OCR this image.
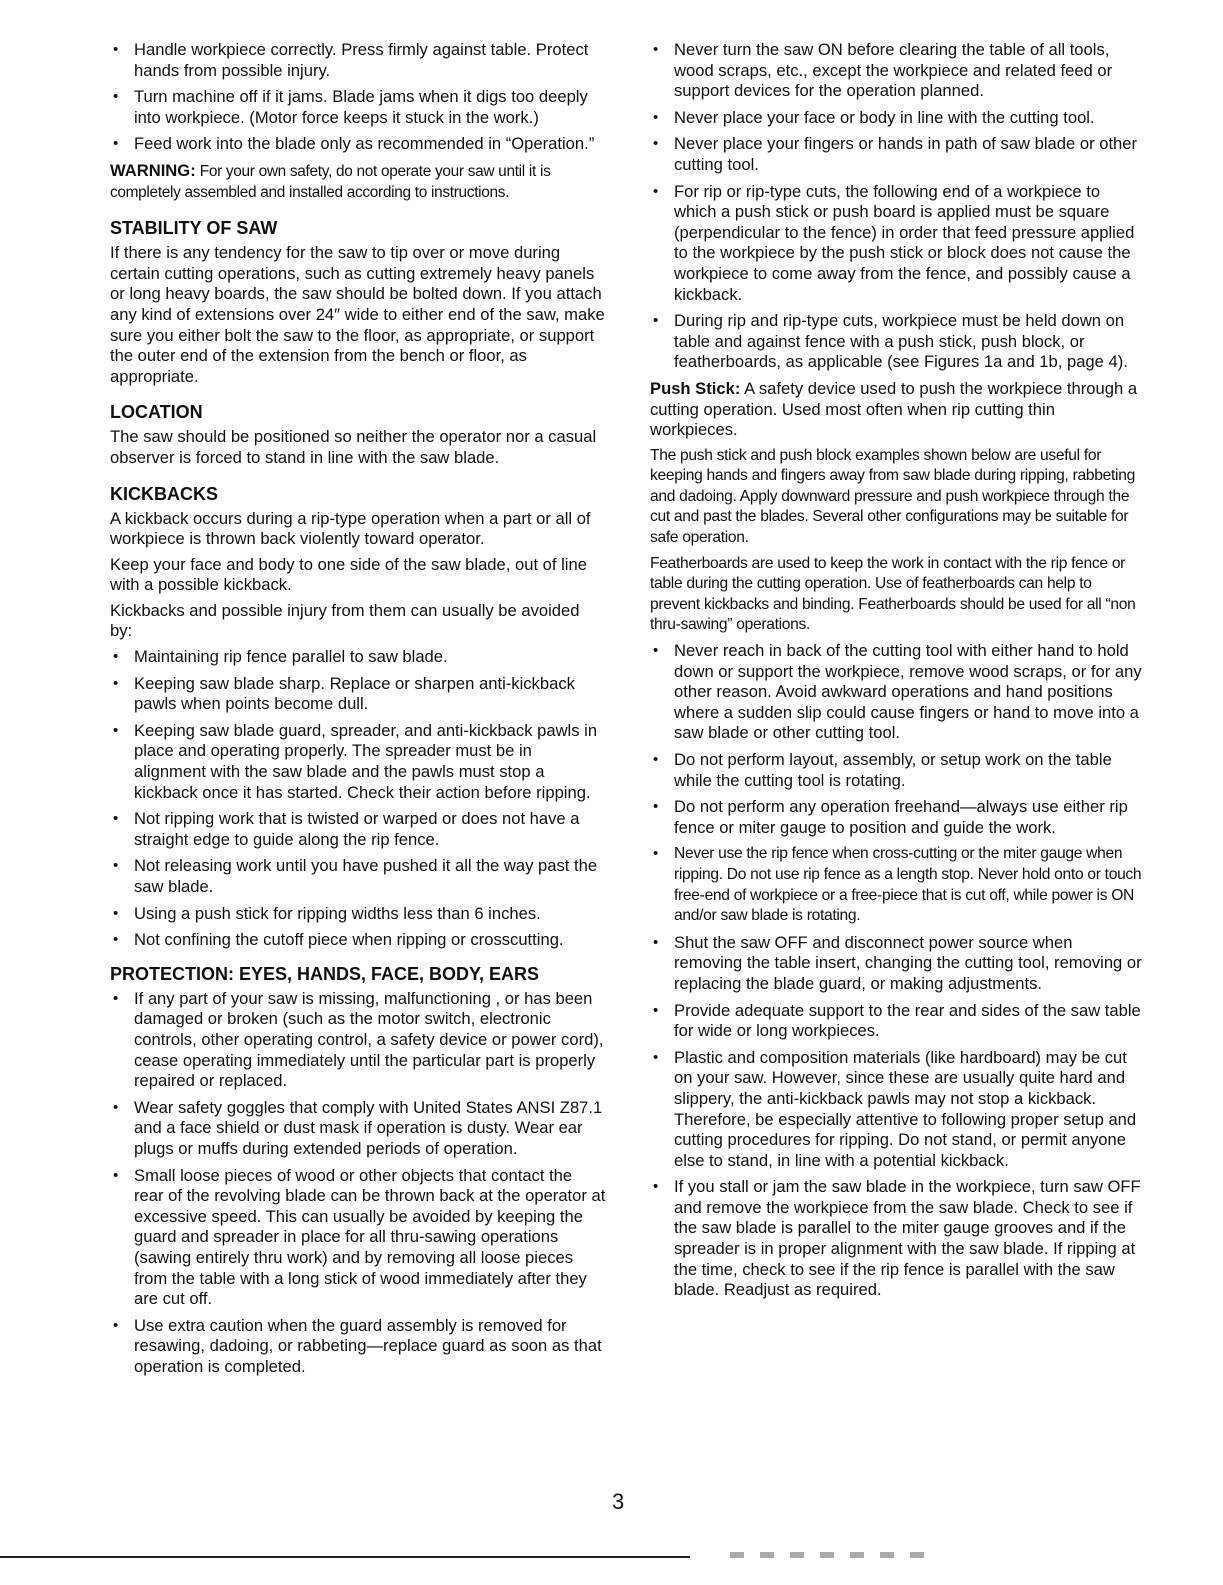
• Handle workpiece correctly. Press firmly against table. Protect hands from possible injury.
• Turn machine off if it jams. Blade jams when it digs too deeply into workpiece. (Motor force keeps it stuck in the work.)
• Feed work into the blade only as recommended in “Operation.”
WARNING: For your own safety, do not operate your saw until it is completely assembled and installed according to instructions.
STABILITY OF SAW
If there is any tendency for the saw to tip over or move during certain cutting operations, such as cutting extremely heavy panels or long heavy boards, the saw should be bolted down. If you attach any kind of extensions over 24″ wide to either end of the saw, make sure you either bolt the saw to the floor, as appropriate, or support the outer end of the extension from the bench or floor, as appropriate.
LOCATION
The saw should be positioned so neither the operator nor a casual observer is forced to stand in line with the saw blade.
KICKBACKS
A kickback occurs during a rip-type operation when a part or all of workpiece is thrown back violently toward operator.
Keep your face and body to one side of the saw blade, out of line with a possible kickback.
Kickbacks and possible injury from them can usually be avoided by:
• Maintaining rip fence parallel to saw blade.
• Keeping saw blade sharp. Replace or sharpen anti-kickback pawls when points become dull.
• Keeping saw blade guard, spreader, and anti-kickback pawls in place and operating properly. The spreader must be in alignment with the saw blade and the pawls must stop a kickback once it has started. Check their action before ripping.
• Not ripping work that is twisted or warped or does not have a straight edge to guide along the rip fence.
• Not releasing work until you have pushed it all the way past the saw blade.
• Using a push stick for ripping widths less than 6 inches.
• Not confining the cutoff piece when ripping or crosscutting.
PROTECTION: EYES, HANDS, FACE, BODY, EARS
• If any part of your saw is missing, malfunctioning , or has been damaged or broken (such as the motor switch, electronic controls, other operating control, a safety device or power cord), cease operating immediately until the particular part is properly repaired or replaced.
• Wear safety goggles that comply with United States ANSI Z87.1 and a face shield or dust mask if operation is dusty. Wear ear plugs or muffs during extended periods of operation.
• Small loose pieces of wood or other objects that contact the rear of the revolving blade can be thrown back at the operator at excessive speed. This can usually be avoided by keeping the guard and spreader in place for all thru-sawing operations (sawing entirely thru work) and by removing all loose pieces from the table with a long stick of wood immediately after they are cut off.
• Use extra caution when the guard assembly is removed for resawing, dadoing, or rabbeting—replace guard as soon as that operation is completed.
• Never turn the saw ON before clearing the table of all tools, wood scraps, etc., except the workpiece and related feed or support devices for the operation planned.
• Never place your face or body in line with the cutting tool.
• Never place your fingers or hands in path of saw blade or other cutting tool.
• For rip or rip-type cuts, the following end of a workpiece to which a push stick or push board is applied must be square (perpendicular to the fence) in order that feed pressure applied to the workpiece by the push stick or block does not cause the workpiece to come away from the fence, and possibly cause a kickback.
• During rip and rip-type cuts, workpiece must be held down on table and against fence with a push stick, push block, or featherboards, as applicable (see Figures 1a and 1b, page 4).
Push Stick: A safety device used to push the workpiece through a cutting operation. Used most often when rip cutting thin workpieces.
The push stick and push block examples shown below are useful for keeping hands and fingers away from saw blade during ripping, rabbeting and dadoing. Apply downward pressure and push workpiece through the cut and past the blades. Several other configurations may be suitable for safe operation.
Featherboards are used to keep the work in contact with the rip fence or table during the cutting operation. Use of featherboards can help to prevent kickbacks and binding. Featherboards should be used for all “non thru-sawing” operations.
• Never reach in back of the cutting tool with either hand to hold down or support the workpiece, remove wood scraps, or for any other reason. Avoid awkward operations and hand positions where a sudden slip could cause fingers or hand to move into a saw blade or other cutting tool.
• Do not perform layout, assembly, or setup work on the table while the cutting tool is rotating.
• Do not perform any operation freehand—always use either rip fence or miter gauge to position and guide the work.
• Never use the rip fence when cross-cutting or the miter gauge when ripping. Do not use rip fence as a length stop. Never hold onto or touch free-end of workpiece or a free-piece that is cut off, while power is ON and/or saw blade is rotating.
• Shut the saw OFF and disconnect power source when removing the table insert, changing the cutting tool, removing or replacing the blade guard, or making adjustments.
• Provide adequate support to the rear and sides of the saw table for wide or long workpieces.
• Plastic and composition materials (like hardboard) may be cut on your saw. However, since these are usually quite hard and slippery, the anti-kickback pawls may not stop a kickback. Therefore, be especially attentive to following proper setup and cutting procedures for ripping. Do not stand, or permit anyone else to stand, in line with a potential kickback.
• If you stall or jam the saw blade in the workpiece, turn saw OFF and remove the workpiece from the saw blade. Check to see if the saw blade is parallel to the miter gauge grooves and if the spreader is in proper alignment with the saw blade. If ripping at the time, check to see if the rip fence is parallel with the saw blade. Readjust as required.
3
